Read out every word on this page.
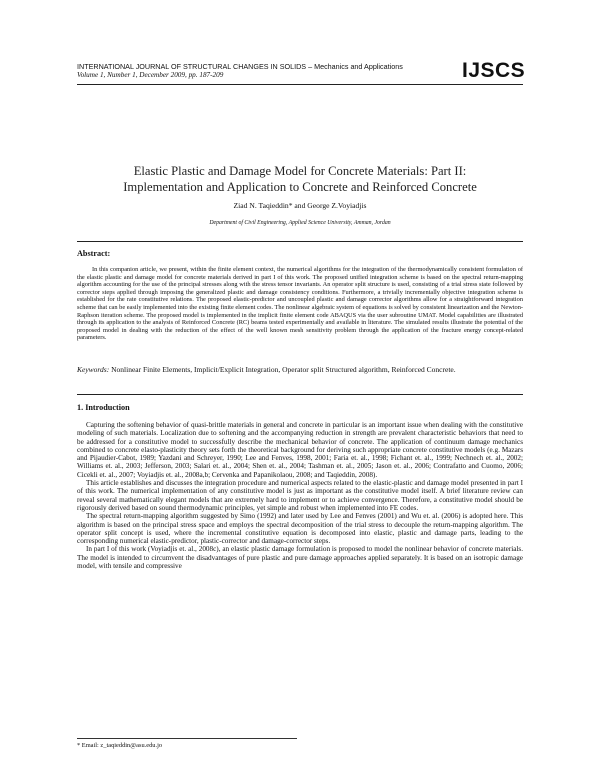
INTERNATIONAL JOURNAL OF STRUCTURAL CHANGES IN SOLIDS – Mechanics and Applications
Volume 1, Number 1, December 2009, pp. 187-209	IJSCS
Elastic Plastic and Damage Model for Concrete Materials: Part II:
Implementation and Application to Concrete and Reinforced Concrete
Ziad N. Taqieddin* and George Z.Voyiadjis
Department of Civil Engineering, Applied Science University, Amman, Jordan
Abstract:

In this companion article, we present, within the finite element context, the numerical algorithms for the integration of the thermodynamically consistent formulation of the elastic plastic and damage model for concrete materials derived in part I of this work. The proposed unified integration scheme is based on the spectral return-mapping algorithm accounting for the use of the principal stresses along with the stress tensor invariants. An operator split structure is used, consisting of a trial stress state followed by corrector steps applied through imposing the generalized plastic and damage consistency conditions. Furthermore, a trivially incrementally objective integration scheme is established for the rate constitutive relations. The proposed elastic-predictor and uncoupled plastic and damage corrector algorithms allow for a straightforward integration scheme that can be easily implemented into the existing finite element codes. The nonlinear algebraic system of equations is solved by consistent linearization and the Newton-Raphson iteration scheme. The proposed model is implemented in the implicit finite element code ABAQUS via the user subroutine UMAT. Model capabilities are illustrated through its application to the analysis of Reinforced Concrete (RC) beams tested experimentally and available in literature. The simulated results illustrate the potential of the proposed model in dealing with the reduction of the effect of the well known mesh sensitivity problem through the application of the fracture energy concept-related parameters.

Keywords: Nonlinear Finite Elements, Implicit/Explicit Integration, Operator split Structured algorithm, Reinforced Concrete.

1. Introduction

Capturing the softening behavior of quasi-brittle materials in general and concrete in particular is an important issue when dealing with the constitutive modeling of such materials. Localization due to softening and the accompanying reduction in strength are prevalent characteristic behaviors that need to be addressed for a constitutive model to successfully describe the mechanical behavior of concrete. The application of continuum damage mechanics combined to concrete elasto-plasticity theory sets forth the theoretical background for deriving such appropriate concrete constitutive models (e.g. Mazars and Pijaudier-Cabot, 1989; Yazdani and Schreyer, 1990; Lee and Fenves, 1998, 2001; Faria et. al., 1998; Fichant et. al., 1999; Nechnech et. al., 2002; Williams et. al., 2003; Jefferson, 2003; Salari et. al., 2004; Shen et. al., 2004; Tashman et. al., 2005; Jason et. al., 2006; Contrafatto and Cuomo, 2006; Cicekli et. al., 2007; Voyiadjis et. al., 2008a,b; Cervenka and Papanikolaou, 2008; and Taqieddin, 2008).

This article establishes and discusses the integration procedure and numerical aspects related to the elastic-plastic and damage model presented in part I of this work. The numerical implementation of any constitutive model is just as important as the constitutive model itself. A brief literature review can reveal several mathematically elegant models that are extremely hard to implement or to achieve convergence. Therefore, a constitutive model should be rigorously derived based on sound thermodynamic principles, yet simple and robust when implemented into FE codes.

The spectral return-mapping algorithm suggested by Simo (1992) and later used by Lee and Fenves (2001) and Wu et. al. (2006) is adopted here. This algorithm is based on the principal stress space and employs the spectral decomposition of the trial stress to decouple the return-mapping algorithm. The operator split concept is used, where the incremental constitutive equation is decomposed into elastic, plastic and damage parts, leading to the corresponding numerical elastic-predictor, plastic-corrector and damage-corrector steps.

In part I of this work (Voyiadjis et. al., 2008c), an elastic plastic damage formulation is proposed to model the nonlinear behavior of concrete materials. The model is intended to circumvent the disadvantages of pure plastic and pure damage approaches applied separately. It is based on an isotropic damage model, with tensile and compressive

* Email: z_taqieddin@asu.edu.jo
